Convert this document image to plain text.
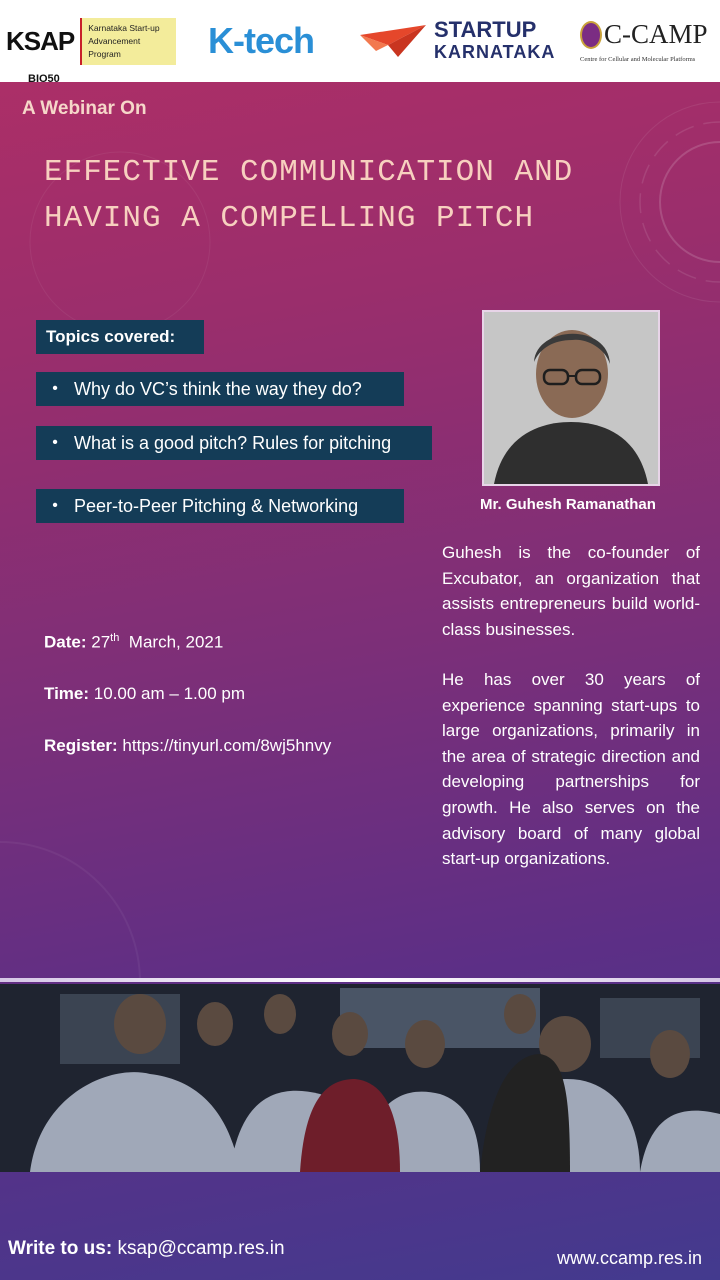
KSAP
BIO50
Karnataka Start-up
Advancement Program	K-tech	STARTUP
KARNATAKA
C-CAMP
Centre for Cellular and Molecular Platforms
A Webinar On
EFFECTIVE COMMUNICATION AND
HAVING A COMPELLING PITCH
Topics covered:
• Why do VC’s think the way they do?
• What is a good pitch? Rules for pitching
• Peer-to-Peer Pitching & Networking	Mr. Guhesh Ramanathan
Guhesh is the co-founder of Excubator, an organization that assists entrepreneurs build world-class businesses.
He has over 30 years of experience spanning start-ups to large organizations, primarily in the area of strategic direction and developing partnerships for growth. He also serves on the advisory board of many global start-up organizations.
Date: 27th  March, 2021
Time: 10.00 am – 1.00 pm
Register: https://tinyurl.com/8wj5hnvy
Write to us: ksap@ccamp.res.in	www.ccamp.res.in
